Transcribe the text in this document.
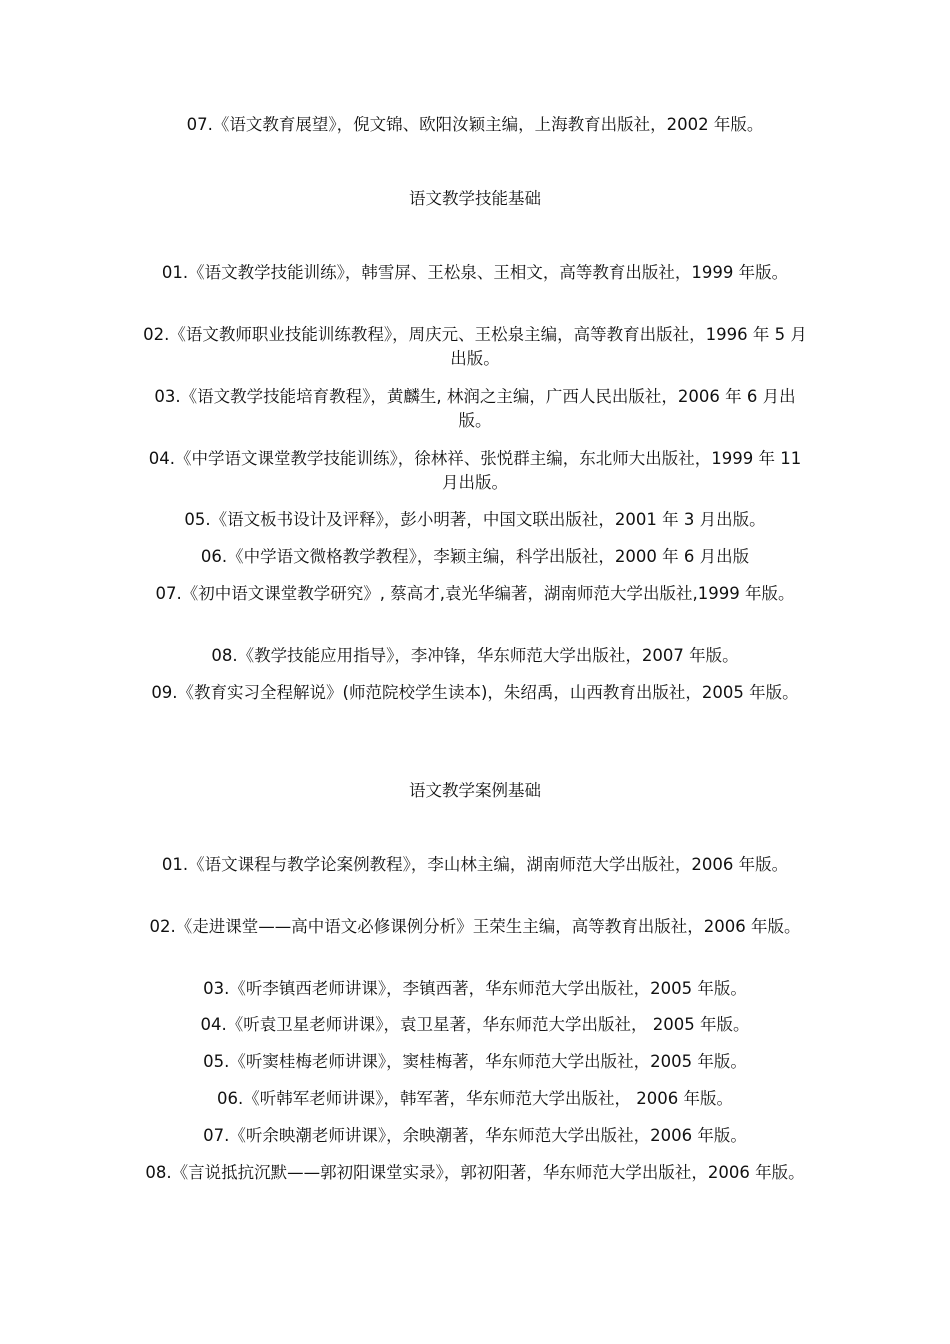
07.《语文教育展望》，倪文锦、欧阳汝颖主编，上海教育出版社，2002 年版。

语文教学技能基础

01.《语文教学技能训练》，韩雪屏、王松泉、王相文，高等教育出版社，1999 年版。

02.《语文教师职业技能训练教程》，周庆元、王松泉主编，高等教育出版社，1996 年 5 月出版。

03.《语文教学技能培育教程》，黄麟生, 林润之主编，广西人民出版社，2006 年 6 月出版。

04.《中学语文课堂教学技能训练》，徐林祥、张悦群主编，东北师大出版社，1999 年 11 月出版。

05.《语文板书设计及评释》，彭小明著，中国文联出版社，2001 年 3 月出版。

06.《中学语文微格教学教程》，李颖主编，科学出版社，2000 年 6 月出版

07.《初中语文课堂教学研究》, 蔡高才,袁光华编著，湖南师范大学出版社,1999 年版。

08.《教学技能应用指导》，李冲锋，华东师范大学出版社，2007 年版。

09.《教育实习全程解说》(师范院校学生读本)，朱绍禹，山西教育出版社，2005 年版。

语文教学案例基础

01.《语文课程与教学论案例教程》，李山林主编，湖南师范大学出版社，2006 年版。

02.《走进课堂——高中语文必修课例分析》王荣生主编，高等教育出版社，2006 年版。

03.《听李镇西老师讲课》，李镇西著，华东师范大学出版社，2005 年版。

04.《听袁卫星老师讲课》，袁卫星著，华东师范大学出版社， 2005 年版。

05.《听窦桂梅老师讲课》，窦桂梅著，华东师范大学出版社，2005 年版。

06.《听韩军老师讲课》，韩军著，华东师范大学出版社， 2006 年版。

07.《听余映潮老师讲课》，余映潮著，华东师范大学出版社，2006 年版。

08.《言说抵抗沉默——郭初阳课堂实录》，郭初阳著，华东师范大学出版社，2006 年版。
